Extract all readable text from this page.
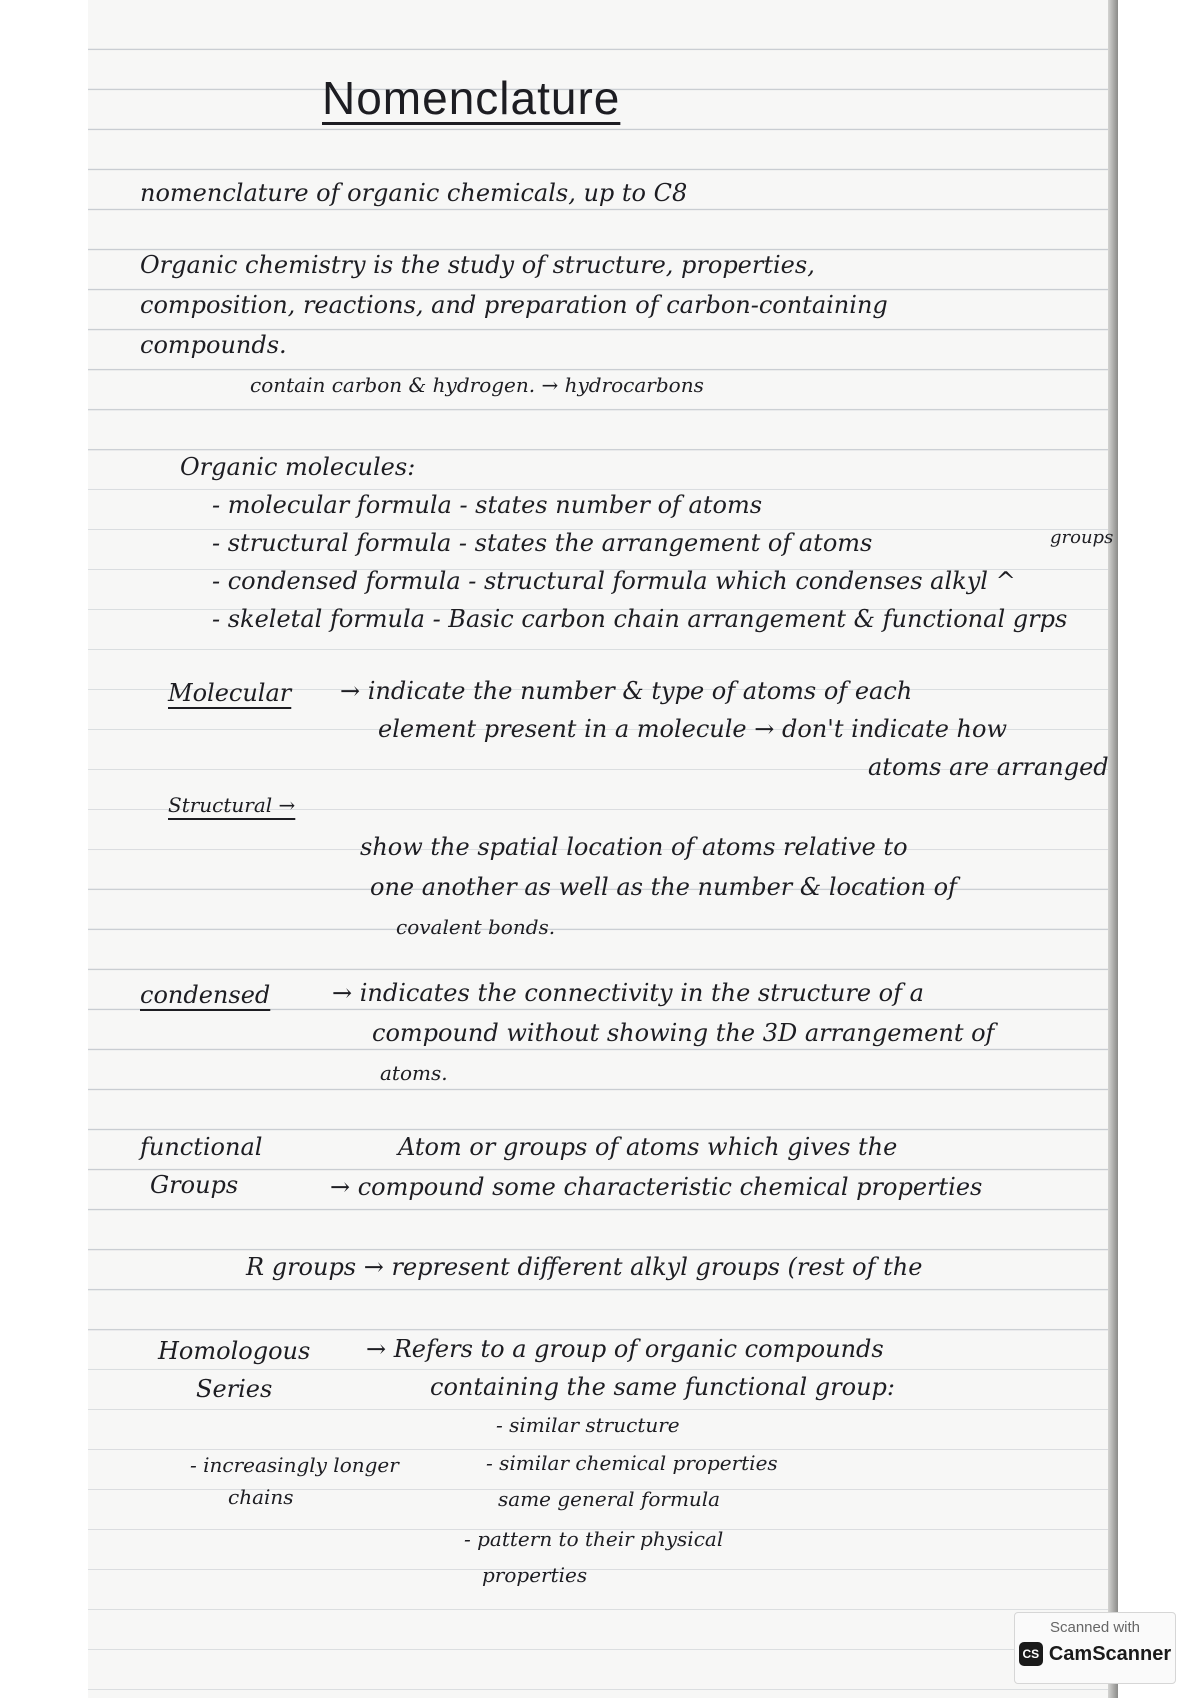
Nomenclature

nomenclature of organic chemicals, up to C8

Organic chemistry is the study of structure, properties,

composition, reactions, and preparation of carbon-containing

compounds.

contain carbon & hydrogen. → hydrocarbons

Organic molecules:

- molecular formula - states number of atoms

- structural formula - states the arrangement of atoms	groups

- condensed formula - structural formula which condenses alkyl ^

- skeletal formula - Basic carbon chain arrangement & functional grps

Molecular → indicate the number & type of atoms of each

element present in a molecule → don't indicate how

atoms are arranged

Structural →

show the spatial location of atoms relative to

one another as well as the number & location of

covalent bonds.

condensed	→ indicates the connectivity in the structure of a

compound without showing the 3D arrangement of

atoms.

functional

Groups

Atom or groups of atoms which gives the

→ compound some characteristic chemical properties

R groups → represent different alkyl groups (rest of the

Homologous

Series

→ Refers to a group of organic compounds

containing the same functional group:

- similar structure

- increasingly longer

chains

- similar chemical properties

same general formula

- pattern to their physical

properties

Scanned with
CS CamScanner
